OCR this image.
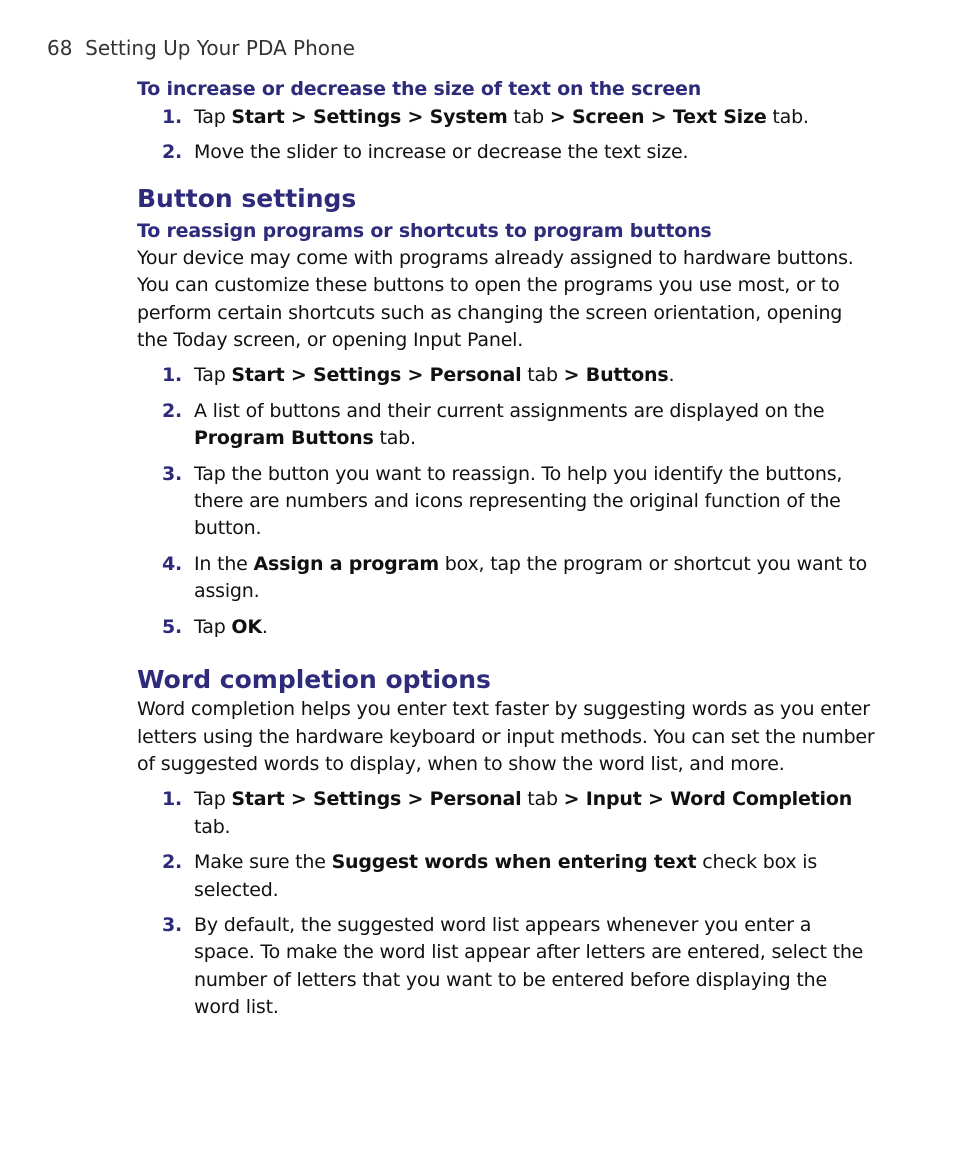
68 Setting Up Your PDA Phone
To increase or decrease the size of text on the screen
1. Tap Start > Settings > System tab > Screen > Text Size tab.
2. Move the slider to increase or decrease the text size.
Button settings
To reassign programs or shortcuts to program buttons

Your device may come with programs already assigned to hardware buttons. You can customize these buttons to open the programs you use most, or to perform certain shortcuts such as changing the screen orientation, opening the Today screen, or opening Input Panel.

1. Tap Start > Settings > Personal tab > Buttons.
2. A list of buttons and their current assignments are displayed on the Program Buttons tab.
3. Tap the button you want to reassign. To help you identify the buttons, there are numbers and icons representing the original function of the button.
4. In the Assign a program box, tap the program or shortcut you want to assign.
5. Tap OK.
Word completion options

Word completion helps you enter text faster by suggesting words as you enter letters using the hardware keyboard or input methods. You can set the number of suggested words to display, when to show the word list, and more.

1. Tap Start > Settings > Personal tab > Input > Word Completion tab.
2. Make sure the Suggest words when entering text check box is selected.
3. By default, the suggested word list appears whenever you enter a space. To make the word list appear after letters are entered, select the number of letters that you want to be entered before displaying the word list.
